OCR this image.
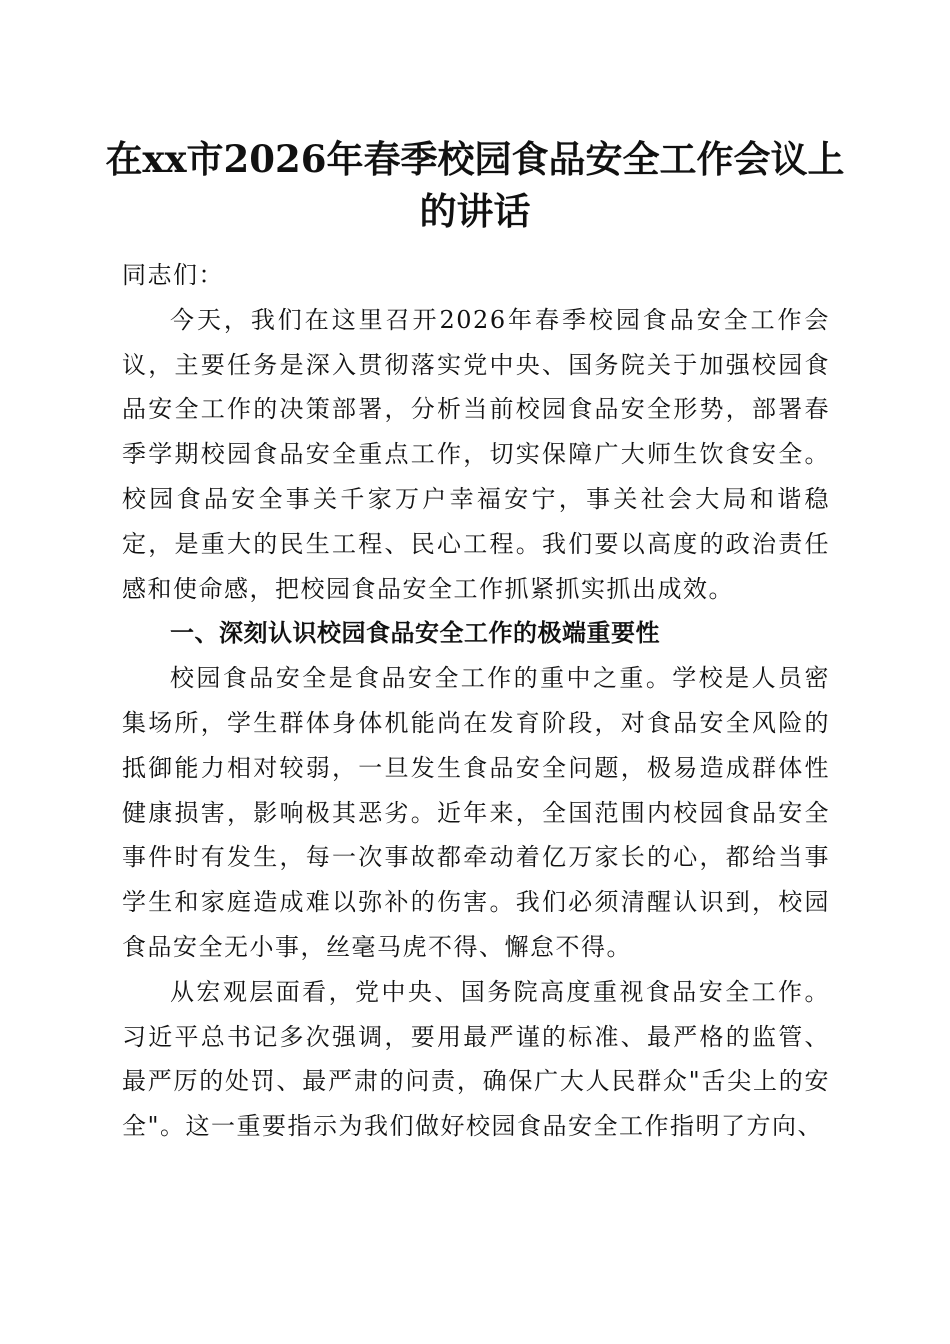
在xx市2026年春季校园食品安全工作会议上的讲话

同志们：

今天，我们在这里召开2026年春季校园食品安全工作会议，主要任务是深入贯彻落实党中央、国务院关于加强校园食品安全工作的决策部署，分析当前校园食品安全形势，部署春季学期校园食品安全重点工作，切实保障广大师生饮食安全。校园食品安全事关千家万户幸福安宁，事关社会大局和谐稳定，是重大的民生工程、民心工程。我们要以高度的政治责任感和使命感，把校园食品安全工作抓紧抓实抓出成效。

一、深刻认识校园食品安全工作的极端重要性

校园食品安全是食品安全工作的重中之重。学校是人员密集场所，学生群体身体机能尚在发育阶段，对食品安全风险的抵御能力相对较弱，一旦发生食品安全问题，极易造成群体性健康损害，影响极其恶劣。近年来，全国范围内校园食品安全事件时有发生，每一次事故都牵动着亿万家长的心，都给当事学生和家庭造成难以弥补的伤害。我们必须清醒认识到，校园食品安全无小事，丝毫马虎不得、懈怠不得。

从宏观层面看，党中央、国务院高度重视食品安全工作。习近平总书记多次强调，要用最严谨的标准、最严格的监管、最严厉的处罚、最严肃的问责，确保广大人民群众"舌尖上的安全"。这一重要指示为我们做好校园食品安全工作指明了方向、
